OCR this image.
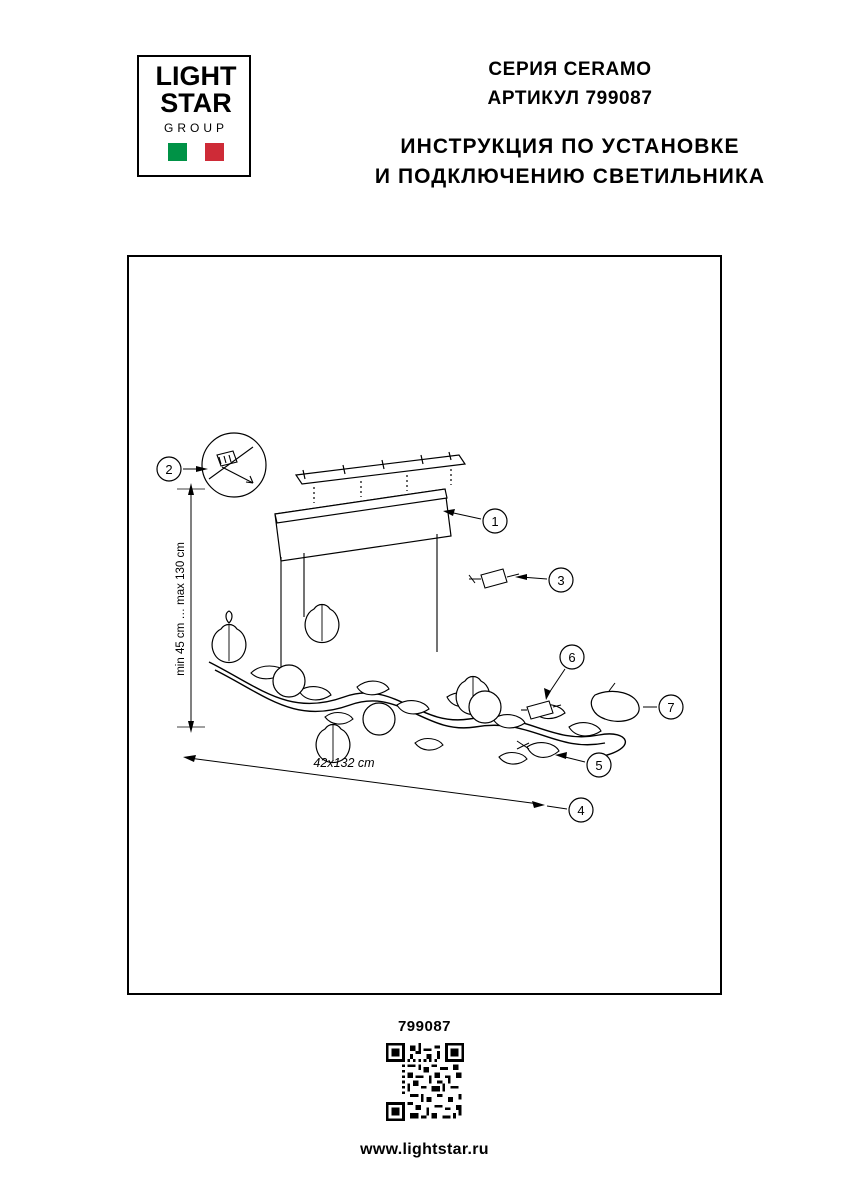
LIGHT
STAR
GROUP
СЕРИЯ CERAMO
АРТИКУЛ 799087
ИНСТРУКЦИЯ ПО УСТАНОВКЕ
И ПОДКЛЮЧЕНИЮ СВЕТИЛЬНИКА
min 45 cm … max 130 cm
2
1
3
6
7
5
42x132 cm
4
799087
www.lightstar.ru
